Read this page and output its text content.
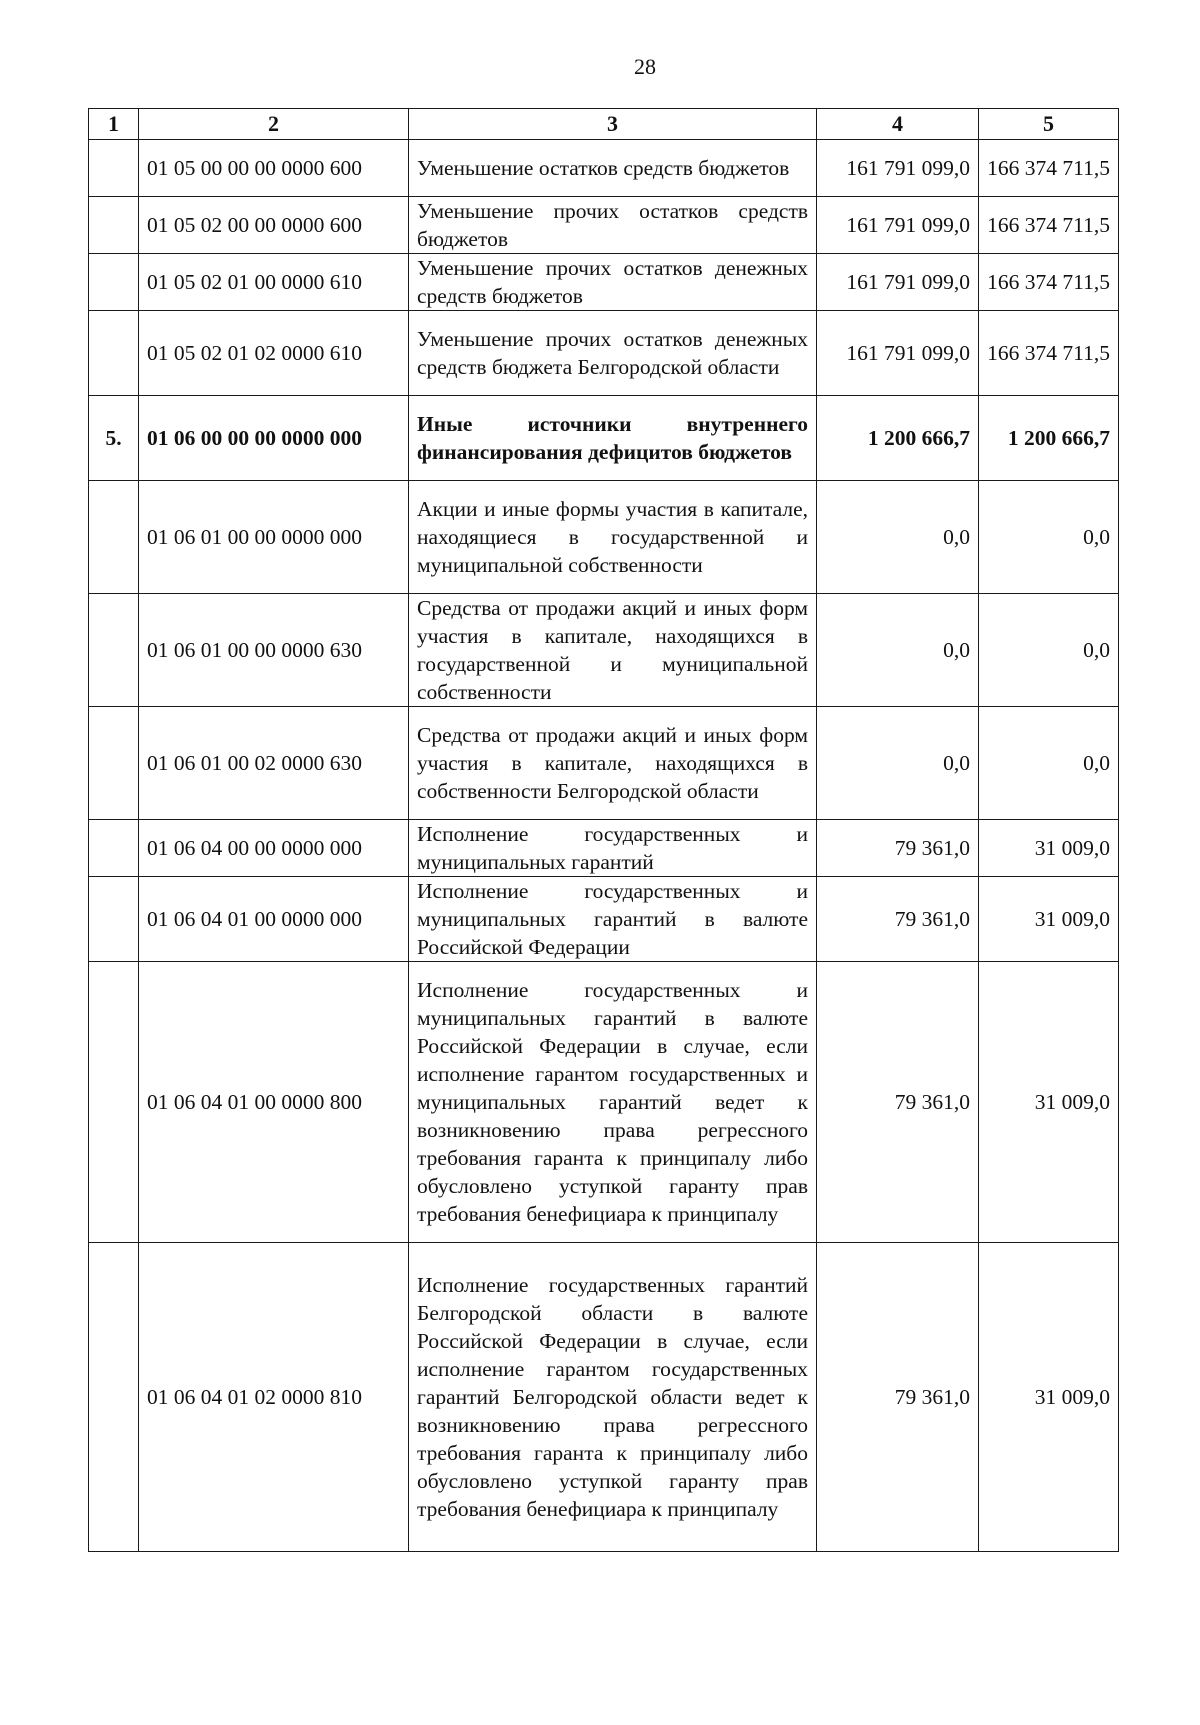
28
1	2	3	4	5
	01 05 00 00 00 0000 600	Уменьшение остатков средств бюджетов	161 791 099,0	166 374 711,5
	01 05 02 00 00 0000 600	Уменьшение прочих остатков средств бюджетов	161 791 099,0	166 374 711,5
	01 05 02 01 00 0000 610	Уменьшение прочих остатков денежных средств бюджетов	161 791 099,0	166 374 711,5
	01 05 02 01 02 0000 610	Уменьшение прочих остатков денежных средств бюджета Белгородской области	161 791 099,0	166 374 711,5
5.	01 06 00 00 00 0000 000	Иные источники внутреннего финансирования дефицитов бюджетов	1 200 666,7	1 200 666,7
	01 06 01 00 00 0000 000	Акции и иные формы участия в капитале, находящиеся в государственной и муниципальной собственности	0,0	0,0
	01 06 01 00 00 0000 630	Средства от продажи акций и иных форм участия в капитале, находящихся в государственной и муниципальной собственности	0,0	0,0
	01 06 01 00 02 0000 630	Средства от продажи акций и иных форм участия в капитале, находящихся в собственности Белгородской области	0,0	0,0
	01 06 04 00 00 0000 000	Исполнение государственных и муниципальных гарантий	79 361,0	31 009,0
	01 06 04 01 00 0000 000	Исполнение государственных и муниципальных гарантий в валюте Российской Федерации	79 361,0	31 009,0
	01 06 04 01 00 0000 800	Исполнение государственных и муниципальных гарантий в валюте Российской Федерации в случае, если исполнение гарантом государственных и муниципальных гарантий ведет к возникновению права регрессного требования гаранта к принципалу либо обусловлено уступкой гаранту прав требования бенефициара к принципалу	79 361,0	31 009,0
	01 06 04 01 02 0000 810	Исполнение государственных гарантий Белгородской области в валюте Российской Федерации в случае, если исполнение гарантом государственных гарантий Белгородской области ведет к возникновению права регрессного требования гаранта к принципалу либо обусловлено уступкой гаранту прав требования бенефициара к принципалу	79 361,0	31 009,0
